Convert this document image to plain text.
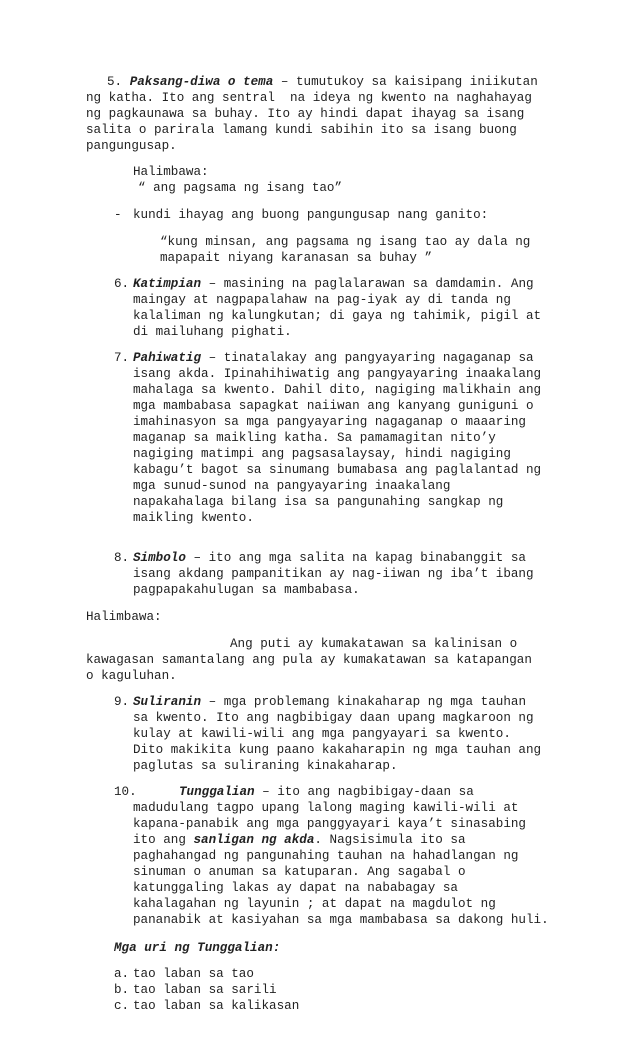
5. Paksang-diwa o tema – tumutukoy sa kaisipang iniikutan
ng katha. Ito ang sentral  na ideya ng kwento na naghahayag
ng pagkaunawa sa buhay. Ito ay hindi dapat ihayag sa isang
salita o parirala lamang kundi sabihin ito sa isang buong
pangungusap.
Halimbawa:
“ ang pagsama ng isang tao”
- kundi ihayag ang buong pangungusap nang ganito:
“kung minsan, ang pagsama ng isang tao ay dala ng
mapapait niyang karanasan sa buhay ”
6. Katimpian – masining na paglalarawan sa damdamin. Ang
maingay at nagpapalahaw na pag-iyak ay di tanda ng
kalaliman ng kalungkutan; di gaya ng tahimik, pigil at
di mailuhang pighati.
7. Pahiwatig – tinatalakay ang pangyayaring nagaganap sa
isang akda. Ipinahihiwatig ang pangyayaring inaakalang
mahalaga sa kwento. Dahil dito, nagiging malikhain ang
mga mambabasa sapagkat naiiwan ang kanyang guniguni o
imahinasyon sa mga pangyayaring nagaganap o maaaring
maganap sa maikling katha. Sa pamamagitan nito’y
nagiging matimpi ang pagsasalaysay, hindi nagiging
kabagu’t bagot sa sinumang bumabasa ang paglalantad ng
mga sunud-sunod na pangyayaring inaakalang
napakahalaga bilang isa sa pangunahing sangkap ng
maikling kwento.
8. Simbolo – ito ang mga salita na kapag binabanggit sa
isang akdang pampanitikan ay nag-iiwan ng iba’t ibang
pagpapakahulugan sa mambabasa.
Halimbawa:
Ang puti ay kumakatawan sa kalinisan o
kawagasan samantalang ang pula ay kumakatawan sa katapangan
o kaguluhan.
9. Suliranin – mga problemang kinakaharap ng mga tauhan
sa kwento. Ito ang nagbibigay daan upang magkaroon ng
kulay at kawili-wili ang mga pangyayari sa kwento.
Dito makikita kung paano kakaharapin ng mga tauhan ang
paglutas sa suliraning kinakaharap.
10.	Tunggalian – ito ang nagbibigay-daan sa
madudulang tagpo upang lalong maging kawili-wili at
kapana-panabik ang mga panggyayari kaya’t sinasabing
ito ang sanligan ng akda. Nagsisimula ito sa
paghahangad ng pangunahing tauhan na hahadlangan ng
sinuman o anuman sa katuparan. Ang sagabal o
katunggaling lakas ay dapat na nababagay sa
kahalagahan ng layunin ; at dapat na magdulot ng
pananabik at kasiyahan sa mga mambabasa sa dakong huli.
Mga uri ng Tunggalian:
a. tao laban sa tao
b. tao laban sa sarili
c. tao laban sa kalikasan
